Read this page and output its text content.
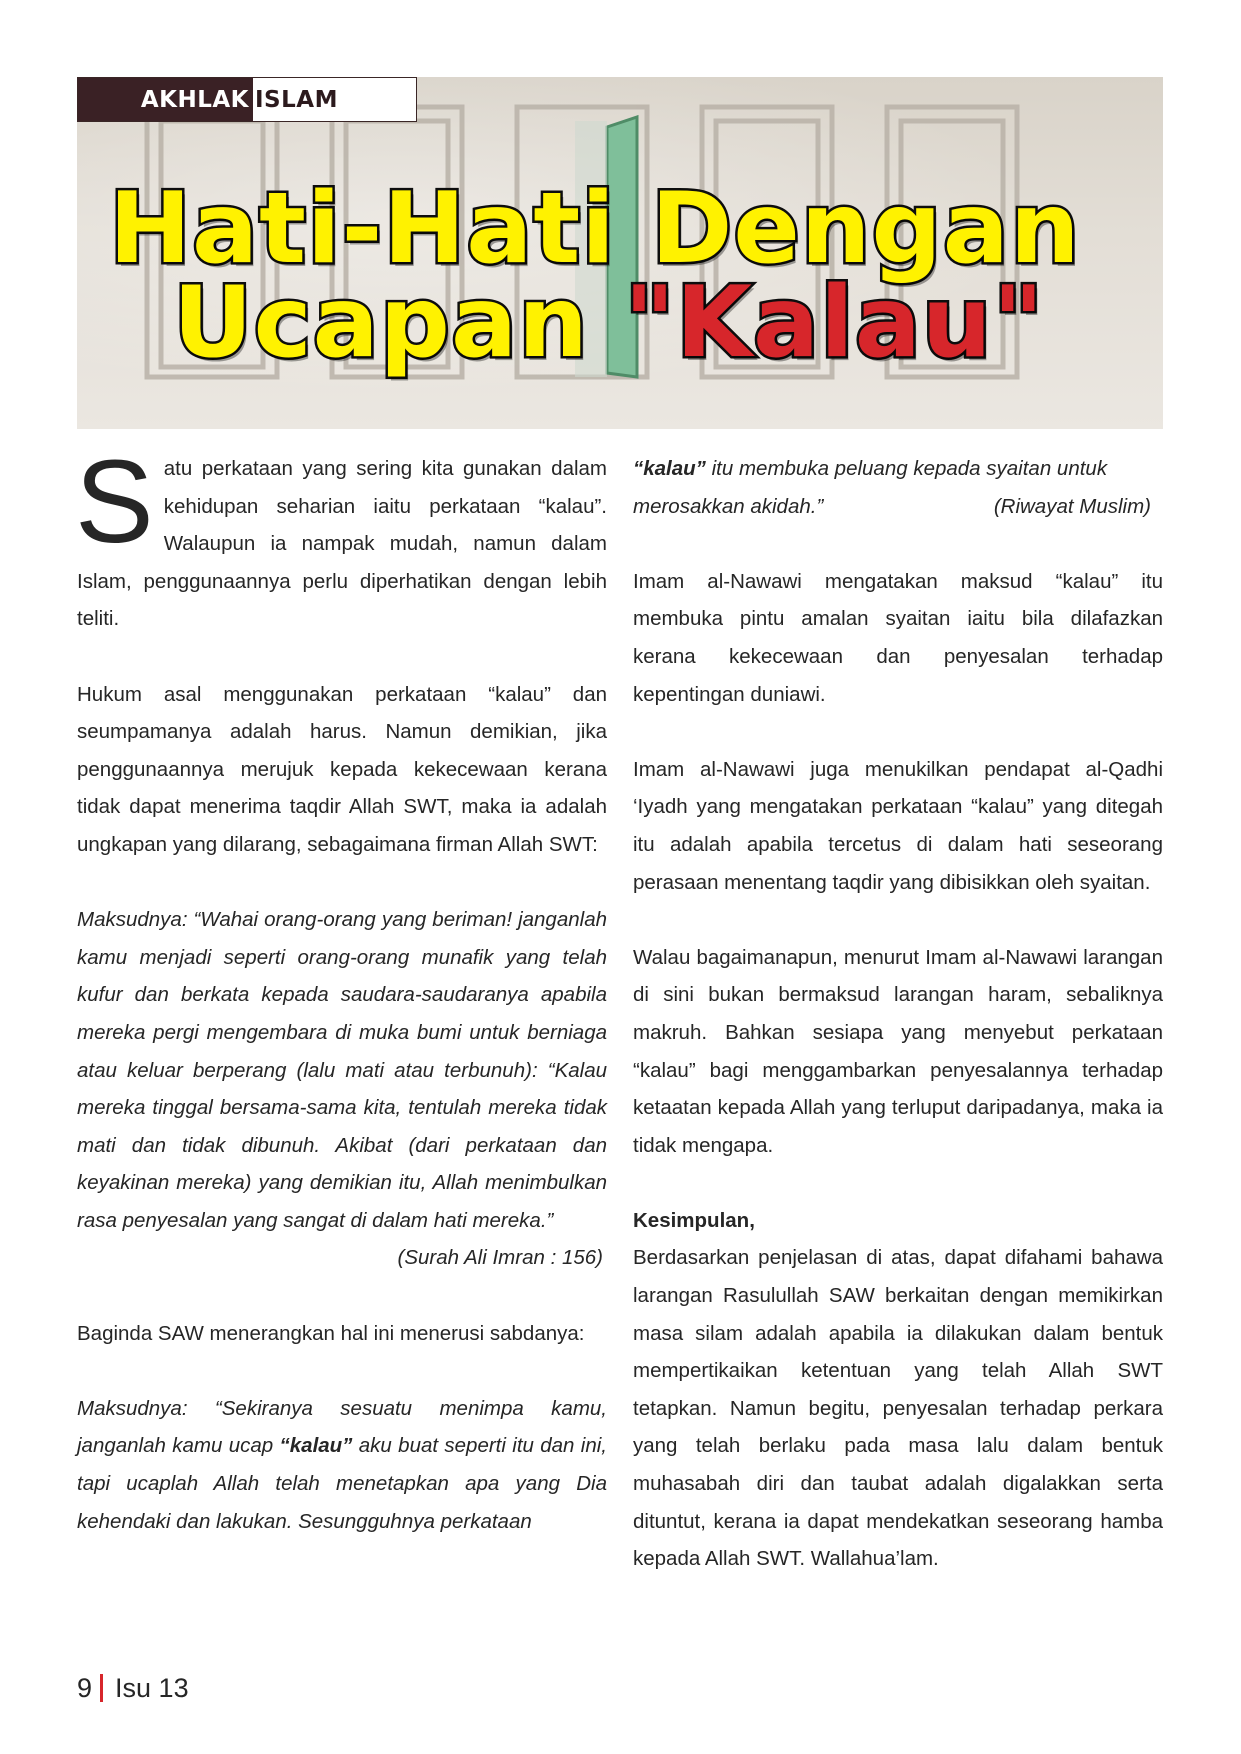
AKHLAK ISLAM
Hati-Hati Dengan
Ucapan "Kalau"

Satu perkataan yang sering kita gunakan dalam kehidupan seharian iaitu perkataan “kalau”. Walaupun ia nampak mudah, namun dalam Islam, penggunaannya perlu diperhatikan dengan lebih teliti.

Hukum asal menggunakan perkataan “kalau” dan seumpamanya adalah harus. Namun demikian, jika penggunaannya merujuk kepada kekecewaan kerana tidak dapat menerima taqdir Allah SWT, maka ia adalah ungkapan yang dilarang, sebagaimana firman Allah SWT:

Maksudnya: “Wahai orang-orang yang beriman! janganlah kamu menjadi seperti orang-orang munafik yang telah kufur dan berkata kepada saudara-saudaranya apabila mereka pergi mengembara di muka bumi untuk berniaga atau keluar berperang (lalu mati atau terbunuh): “Kalau mereka tinggal bersama-sama kita, tentulah mereka tidak mati dan tidak dibunuh. Akibat (dari perkataan dan keyakinan mereka) yang demikian itu, Allah menimbulkan rasa penyesalan yang sangat di dalam hati mereka.”

(Surah Ali Imran : 156)

Baginda SAW menerangkan hal ini menerusi sabdanya:

Maksudnya: “Sekiranya sesuatu menimpa kamu, janganlah kamu ucap “kalau” aku buat seperti itu dan ini, tapi ucaplah Allah telah menetapkan apa yang Dia kehendaki dan lakukan. Sesungguhnya perkataan

“kalau” itu membuka peluang kepada syaitan untuk

merosakkan akidah.”	(Riwayat Muslim)

Imam al-Nawawi mengatakan maksud “kalau” itu membuka pintu amalan syaitan iaitu bila dilafazkan kerana kekecewaan dan penyesalan terhadap kepentingan duniawi.

Imam al-Nawawi juga menukilkan pendapat al-Qadhi ‘Iyadh yang mengatakan perkataan “kalau” yang ditegah itu adalah apabila tercetus di dalam hati seseorang perasaan menentang taqdir yang dibisikkan oleh syaitan.

Walau bagaimanapun, menurut Imam al-Nawawi larangan di sini bukan bermaksud larangan haram, sebaliknya makruh. Bahkan sesiapa yang menyebut perkataan “kalau” bagi menggambarkan penyesalannya terhadap ketaatan kepada Allah yang terluput daripadanya, maka ia tidak mengapa.

Kesimpulan,

Berdasarkan penjelasan di atas, dapat difahami bahawa larangan Rasulullah SAW berkaitan dengan memikirkan masa silam adalah apabila ia dilakukan dalam bentuk mempertikaikan ketentuan yang telah Allah SWT tetapkan. Namun begitu, penyesalan terhadap perkara yang telah berlaku pada masa lalu dalam bentuk muhasabah diri dan taubat adalah digalakkan serta dituntut, kerana ia dapat mendekatkan seseorang hamba kepada Allah SWT. Wallahua’lam.

9 Isu 13
